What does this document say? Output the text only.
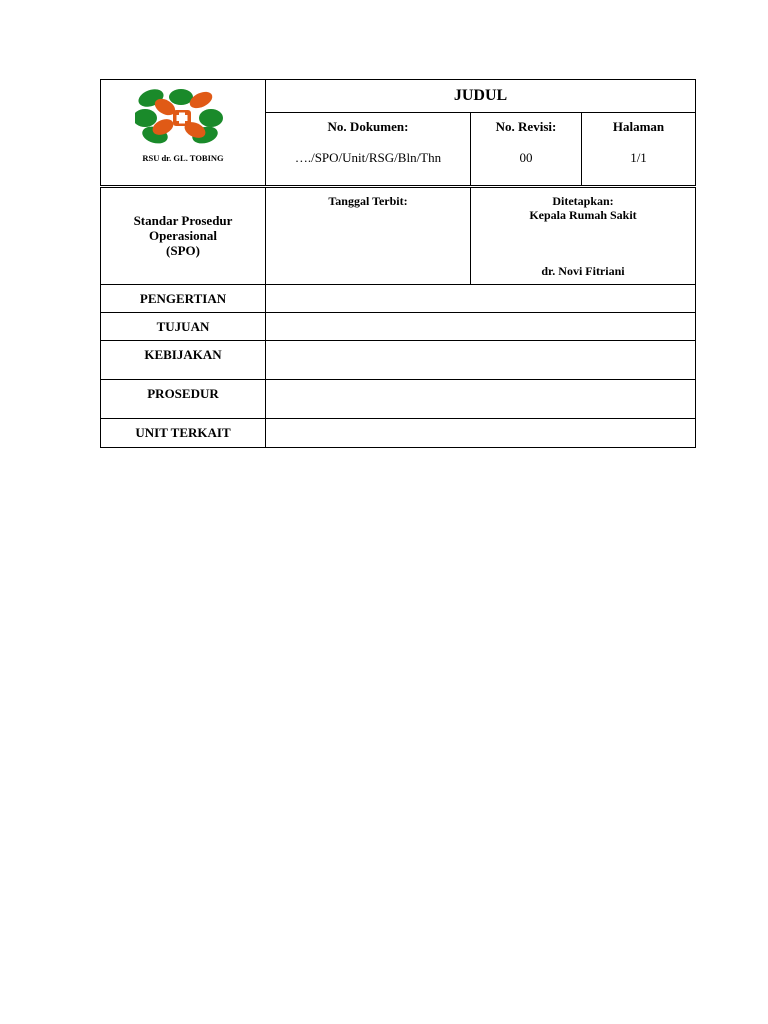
RSU dr. GL. TOBING
JUDUL
No. Dokumen:
…./SPO/Unit/RSG/Bln/Thn
No. Revisi:
00
Halaman
1/1
Standar Prosedur
Operasional
(SPO)
Tanggal Terbit:	Ditetapkan:
Kepala Rumah Sakit
dr. Novi Fitriani
PENGERTIAN
TUJUAN
KEBIJAKAN
PROSEDUR
UNIT TERKAIT
